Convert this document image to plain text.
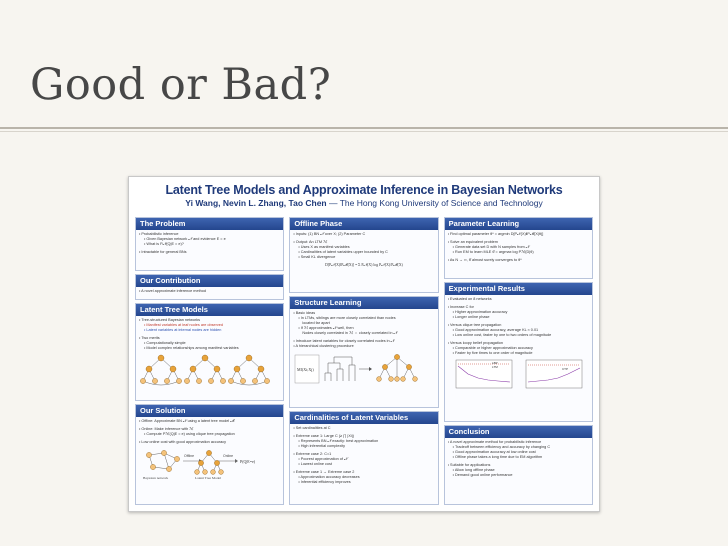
Good or Bad?
Latent Tree Models and Approximate Inference in Bayesian Networks
Yi Wang, Nevin L. Zhang, Tao Chen — The Hong Kong University of Science and Technology
The Problem
• Probabilistic inference
• Given Bayesian network 𝒩 and evidence E = e
• What is P𝒩(Q|E = e)?
• Intractable for general BNs
Our Contribution
• A novel approximate inference method
Latent Tree Models
• Tree-structured Bayesian networks
• Manifest variables at leaf nodes are observed
• Latent variables at internal nodes are hidden
• Two merits
• Computationally simple
• Model complex relationships among manifest variables
Our Solution
• Offline: Approximate BN 𝒩 using a latent tree model ℳ
• Online: Make inference with ℳ
• Compute Pℳ(Q|E = e) using clique tree propagation
• Low online cost with good approximation accuracy
Offline	Online
P(Q|E=e)
Bayesian network	Latent Tree Model
Offline Phase
• Inputs: (1) BN 𝒩 over X; (2) Parameter C
• Output: An LTM ℳ
• Uses X as manifest variables
• Cardinalities of latent variables upper bounded by C
• Small KL divergence
D[P𝒩(X)‖Pℳ(X)] = Σ P𝒩(X) log P𝒩(X)/Pℳ(X)
Structure Learning
• Basic ideas
• In LTMs, siblings are more closely correlated than nodes
located far apart
• If ℳ approximates 𝒩 well, then
Nodes closely correlated in ℳ ⇔ closely correlated in 𝒩
• Introduce latent variables for closely correlated nodes in 𝒩
• A hierarchical clustering procedure
MI(Xi;Xj)
Cardinalities of Latent Variables
• Set cardinalities at C
• Extreme case 1: Large C (≥ ∏ |Xi|)
• Represents BN 𝒩 exactly: best approximation
• High inferential complexity
• Extreme case 2: C=1
• Poorest approximation of 𝒩
• Lowest online cost
• Extreme case 1 → Extreme case 2
• Approximation accuracy decreases
• Inferential efficiency improves
Parameter Learning
• Find optimal parameter θ* = argmin D[P𝒩(X)‖Pℳ(X|θ)]
• Solve an equivalent problem
• Generate data set D with N samples from 𝒩
• Run EM to learn MLE θ̂ = argmax log Pℳ(D|θ)
• As N → ∞, θ̂ almost surely converges to θ*
Experimental Results
• Evaluated on 8 networks
• Increase C for
• Higher approximation accuracy
• Longer online phase
• Versus clique tree propagation
• Good approximation accuracy, average KL ≈ 0.01
• Low online cost, faster by one to two orders of magnitude
• Versus loopy belief propagation
• Comparable or higher approximation accuracy
• Faster by five times to one order of magnitude
LBP
LTM	CTP
Conclusion
• A novel approximate method for probabilistic inference
• Tradeoff between efficiency and accuracy by changing C
• Good approximation accuracy at low online cost
• Offline phase takes a long time due to EM algorithm
• Suitable for applications
• Allow long offline phase
• Demand good online performance
